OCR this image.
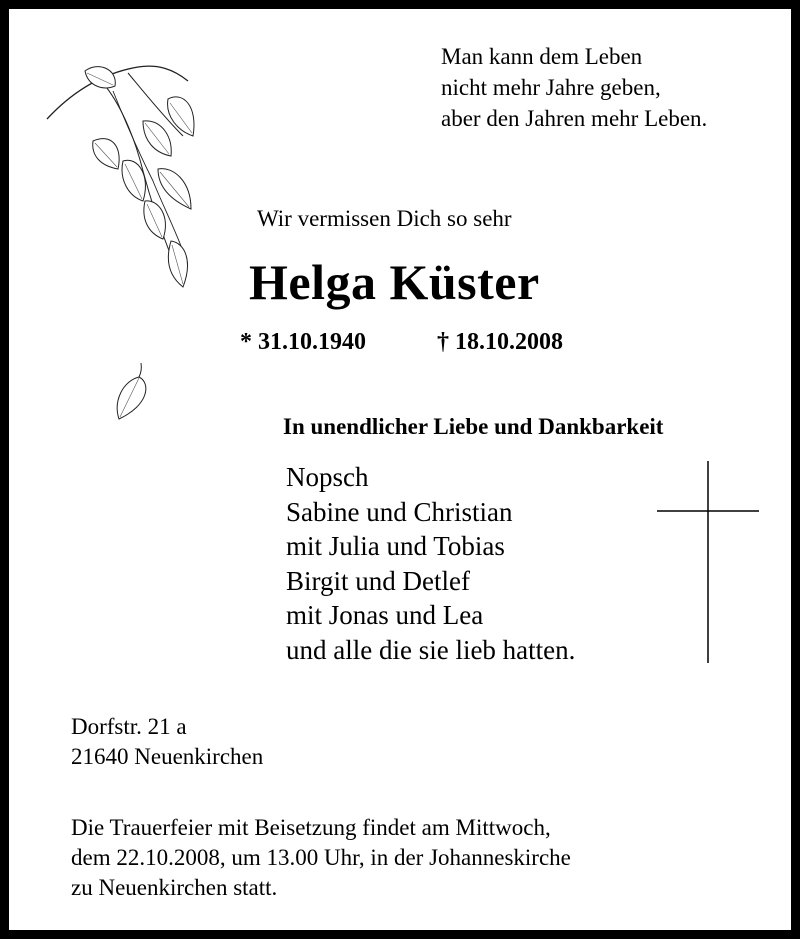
Man kann dem Leben
nicht mehr Jahre geben,
aber den Jahren mehr Leben.
Wir vermissen Dich so sehr
Helga Küster
* 31.10.1940	† 18.10.2008
In unendlicher Liebe und Dankbarkeit
Nopsch
Sabine und Christian
mit Julia und Tobias
Birgit und Detlef
mit Jonas und Lea
und alle die sie lieb hatten.
Dorfstr. 21 a
21640 Neuenkirchen
Die Trauerfeier mit Beisetzung findet am Mittwoch,
dem 22.10.2008, um 13.00 Uhr, in der Johanneskirche
zu Neuenkirchen statt.
